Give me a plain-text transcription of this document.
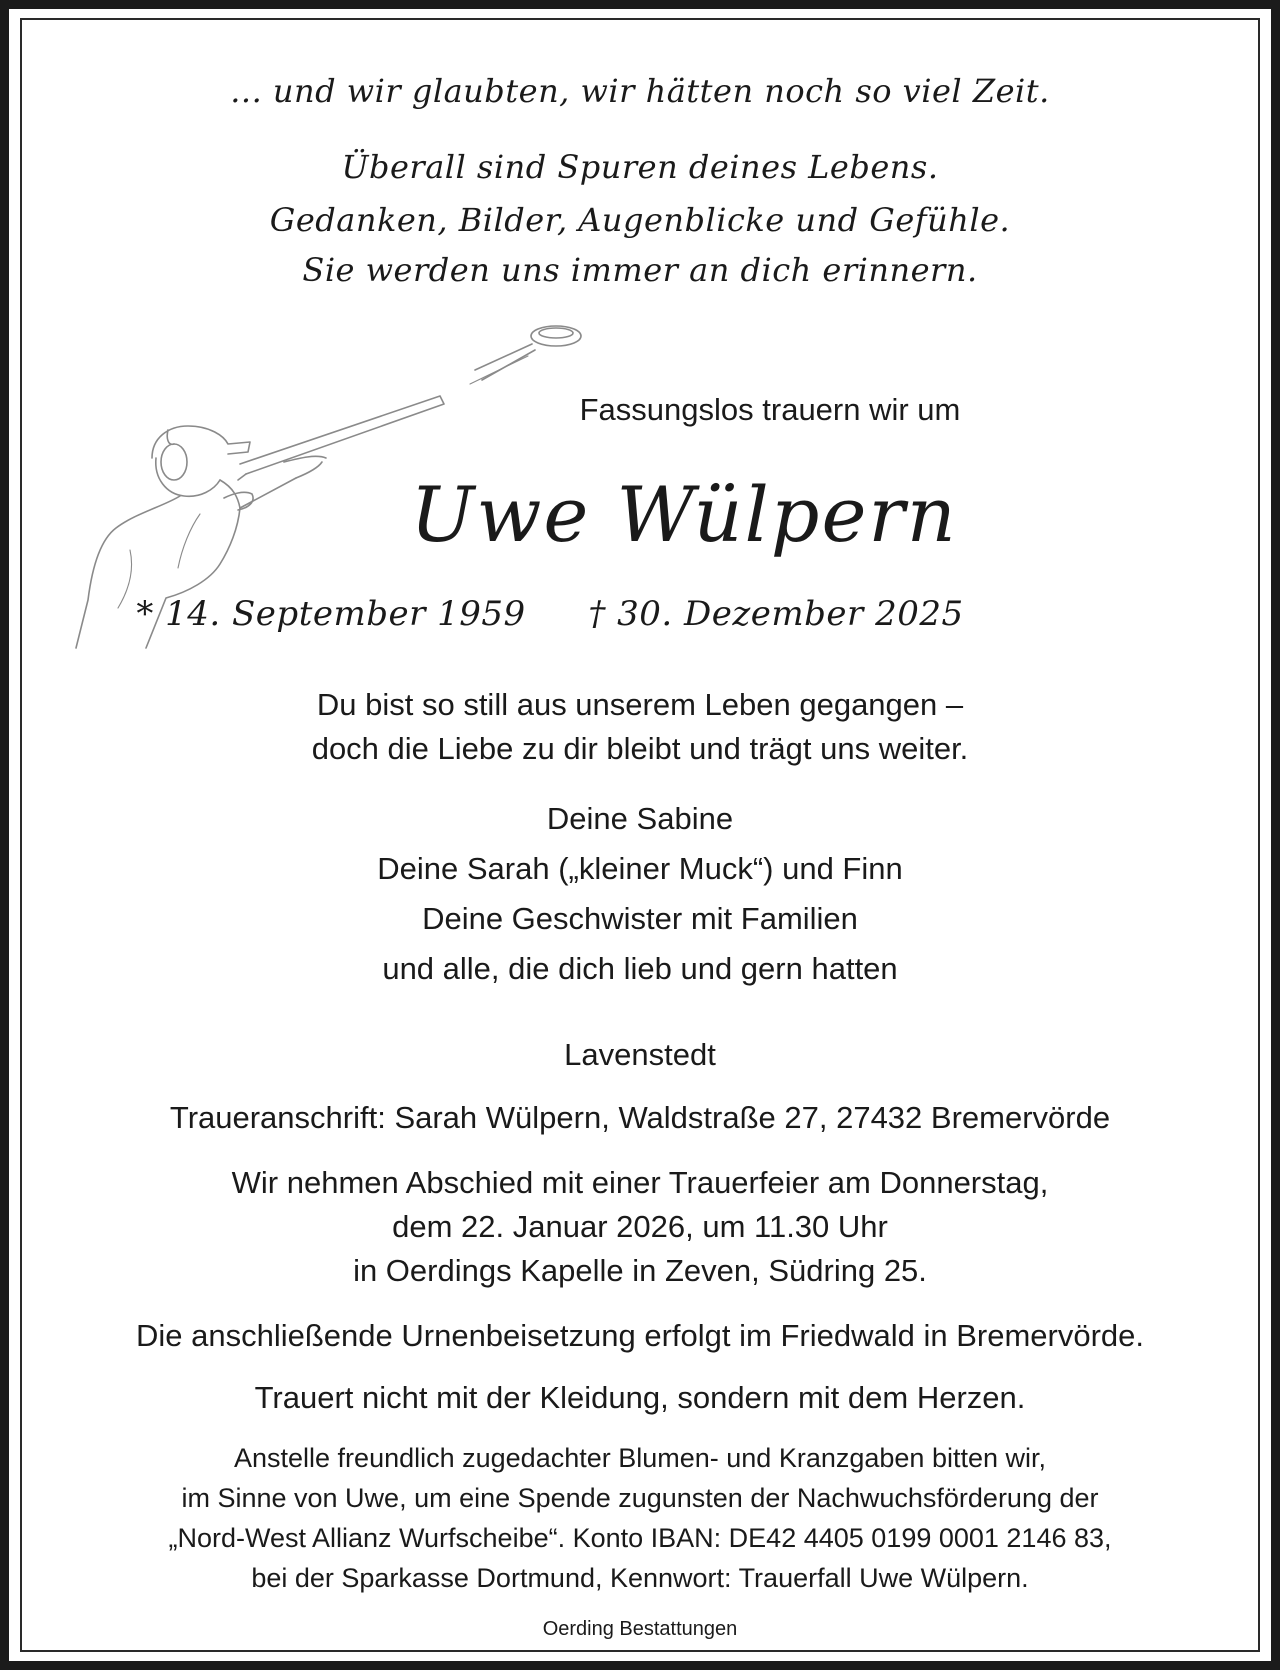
... und wir glaubten, wir hätten noch so viel Zeit.

Überall sind Spuren deines Lebens.

Gedanken, Bilder, Augenblicke und Gefühle.

Sie werden uns immer an dich erinnern.

Fassungslos trauern wir um

Uwe Wülpern

* 14. September 1959 † 30. Dezember 2025

Du bist so still aus unserem Leben gegangen –

doch die Liebe zu dir bleibt und trägt uns weiter.

Deine Sabine

Deine Sarah („kleiner Muck“) und Finn

Deine Geschwister mit Familien

und alle, die dich lieb und gern hatten

Lavenstedt

Traueranschrift: Sarah Wülpern, Waldstraße 27, 27432 Bremervörde

Wir nehmen Abschied mit einer Trauerfeier am Donnerstag,

dem 22. Januar 2026, um 11.30 Uhr

in Oerdings Kapelle in Zeven, Südring 25.

Die anschließende Urnenbeisetzung erfolgt im Friedwald in Bremervörde.

Trauert nicht mit der Kleidung, sondern mit dem Herzen.

Anstelle freundlich zugedachter Blumen- und Kranzgaben bitten wir,

im Sinne von Uwe, um eine Spende zugunsten der Nachwuchsförderung der

„Nord-West Allianz Wurfscheibe“. Konto IBAN: DE42 4405 0199 0001 2146 83,

bei der Sparkasse Dortmund, Kennwort: Trauerfall Uwe Wülpern.

Oerding Bestattungen
